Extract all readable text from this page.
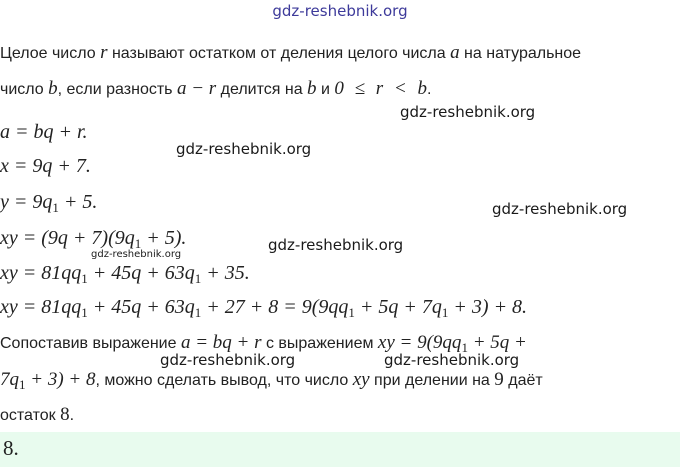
gdz-reshebnik.org
Целое число r называют остатком от деления целого числа a на натуральное
число b, если разность a − r делится на b и 0 ≤ r < b.
gdz-reshebnik.org
a = bq + r.
gdz-reshebnik.org
x = 9q + 7.
$y = 9q_1 + 5$.	gdz-reshebnik.org
xy = $(9q + 7)(9q_1 + 5)$.	gdz-reshebnik.org
gdz-reshebnik.org
xy = $81qq_1 + 45q + 63q_1 + 35$.
xy = $81qq_1 + 45q + 63q_1 + 27 + 8 = 9(9qq_1 + 5q + 7q_1 + 3) + 8$.
Сопоставив выражение a = bq + r с выражением xy = $9(9qq_1 + 5q$ +
gdz-reshebnik.org	gdz-reshebnik.org
$7q_1 + 3) + 8$, можно сделать вывод, что число xy при делении на 9 даёт
остаток 8.
8.
